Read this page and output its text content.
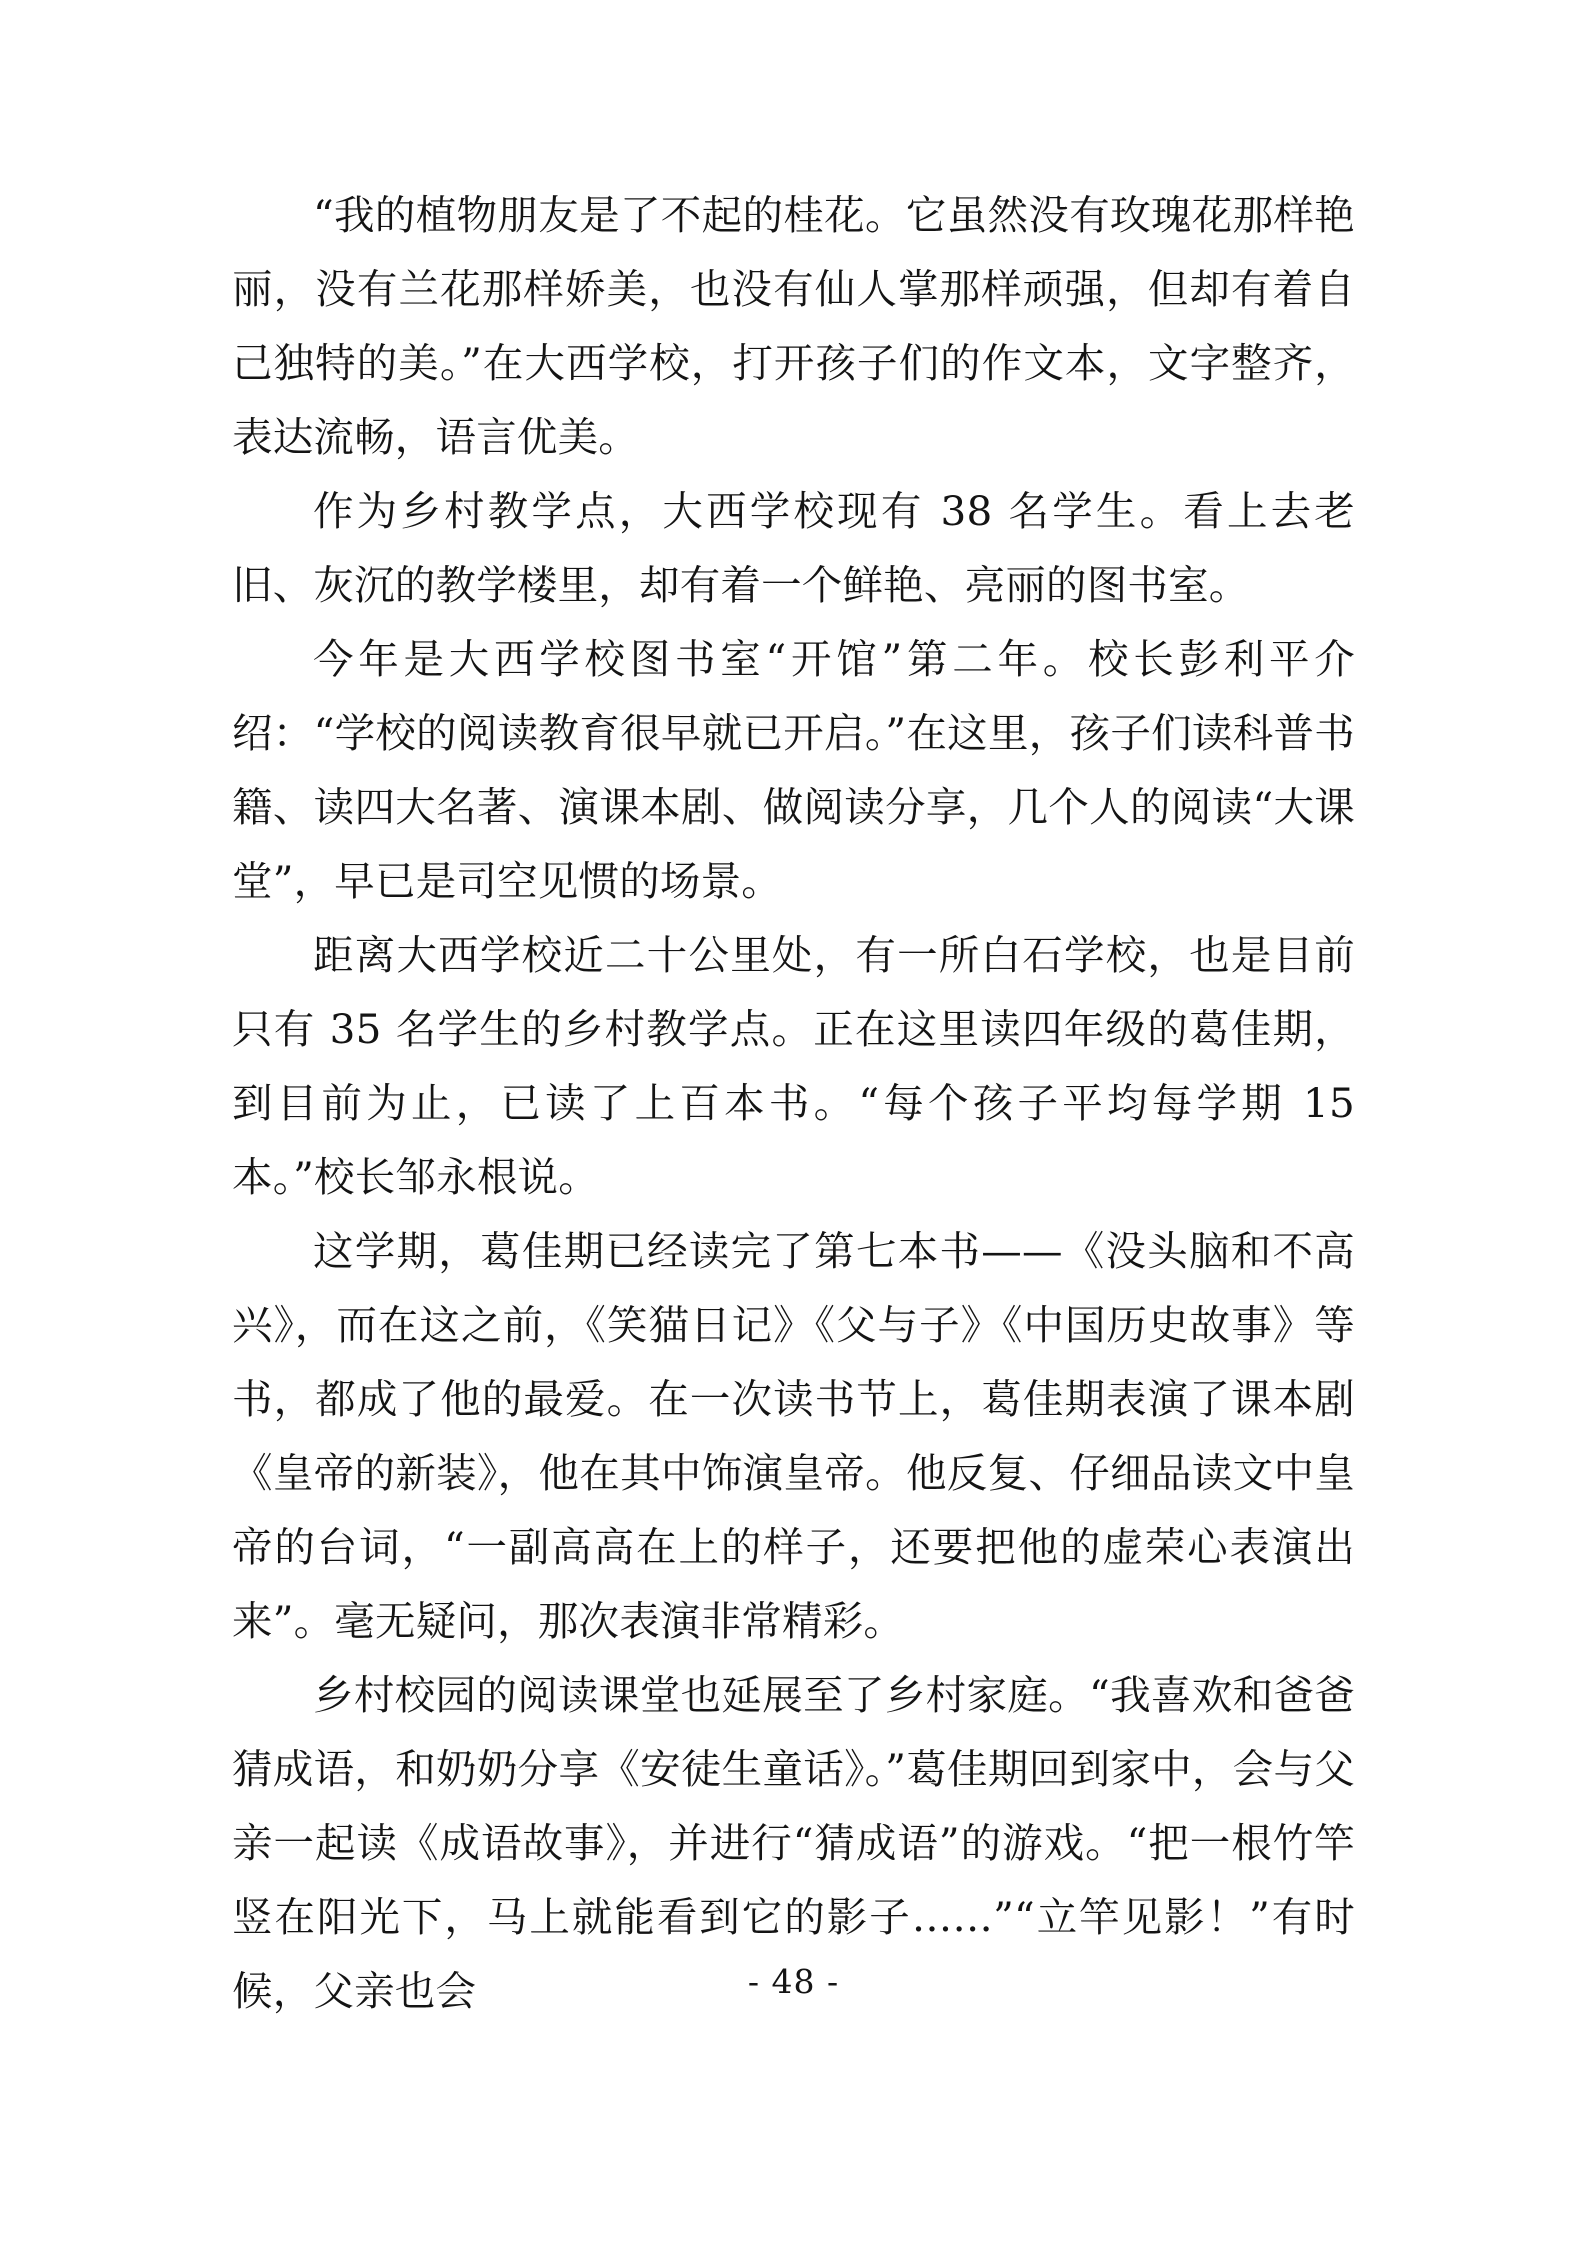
“我的植物朋友是了不起的桂花。它虽然没有玫瑰花那样艳丽，没有兰花那样娇美，也没有仙人掌那样顽强，但却有着自己独特的美。”在大西学校，打开孩子们的作文本，文字整齐，表达流畅，语言优美。

作为乡村教学点，大西学校现有 38 名学生。看上去老旧、灰沉的教学楼里，却有着一个鲜艳、亮丽的图书室。

今年是大西学校图书室“开馆”第二年。校长彭利平介绍：“学校的阅读教育很早就已开启。”在这里，孩子们读科普书籍、读四大名著、演课本剧、做阅读分享，几个人的阅读“大课堂”，早已是司空见惯的场景。

距离大西学校近二十公里处，有一所白石学校，也是目前只有 35 名学生的乡村教学点。正在这里读四年级的葛佳期，到目前为止，已读了上百本书。“每个孩子平均每学期 15 本。”校长邹永根说。

这学期，葛佳期已经读完了第七本书——《没头脑和不高兴》，而在这之前，《笑猫日记》《父与子》《中国历史故事》等书，都成了他的最爱。在一次读书节上，葛佳期表演了课本剧《皇帝的新装》，他在其中饰演皇帝。他反复、仔细品读文中皇帝的台词，“一副高高在上的样子，还要把他的虚荣心表演出来”。毫无疑问，那次表演非常精彩。

乡村校园的阅读课堂也延展至了乡村家庭。“我喜欢和爸爸猜成语，和奶奶分享《安徒生童话》。”葛佳期回到家中，会与父亲一起读《成语故事》，并进行“猜成语”的游戏。“把一根竹竿竖在阳光下，马上就能看到它的影子……”“立竿见影！”有时候，父亲也会	- 48 -
